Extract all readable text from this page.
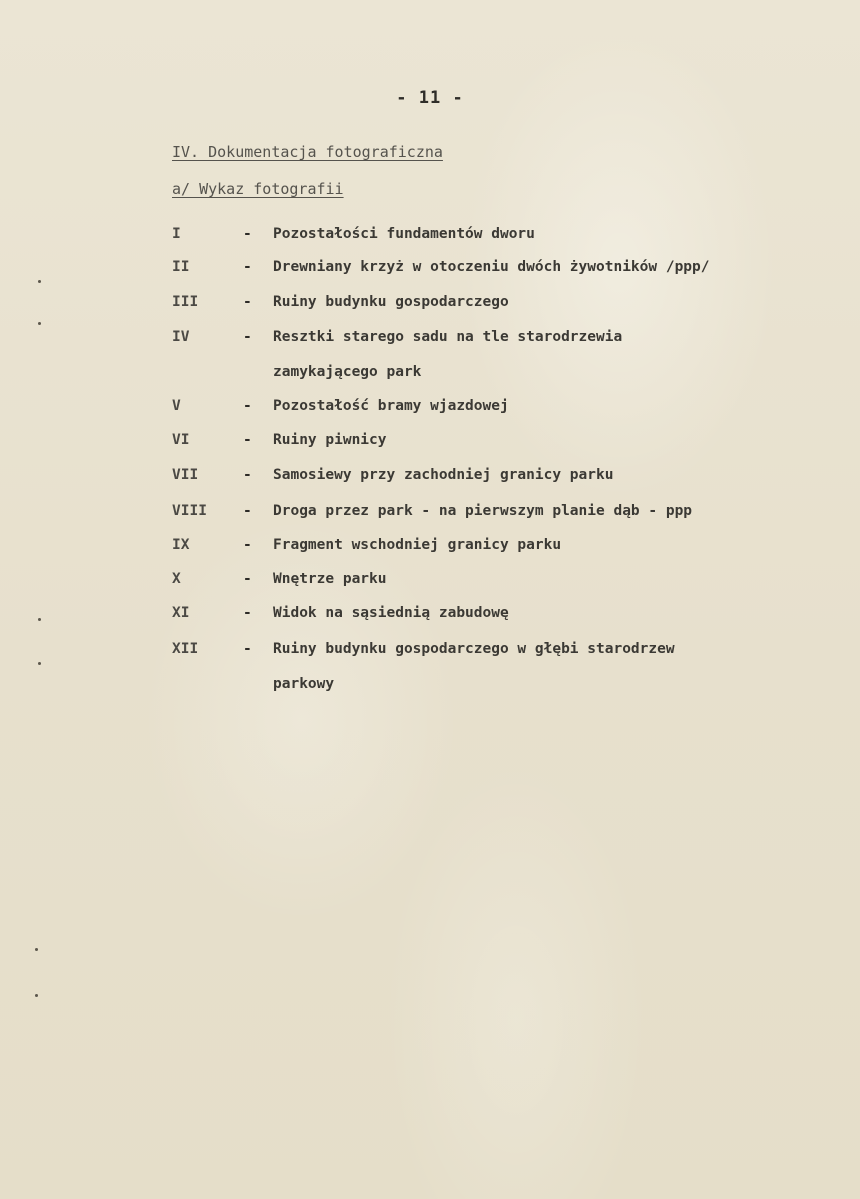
- 11 -
IV. Dokumentacja fotograficzna
a/ Wykaz fotografii
I	- Pozostałości fundamentów dworu
II	- Drewniany krzyż w otoczeniu dwóch żywotników /ppp/
III	- Ruiny budynku gospodarczego
IV	- Resztki starego sadu na tle starodrzewia
zamykającego park
V	- Pozostałość bramy wjazdowej
VI	- Ruiny piwnicy
VII	- Samosiewy przy zachodniej granicy parku
VIII - Droga przez park - na pierwszym planie dąb - ppp
IX	- Fragment wschodniej granicy parku
X	- Wnętrze parku
XI	- Widok na sąsiednią zabudowę
XII	- Ruiny budynku gospodarczego w głębi starodrzew
parkowy
